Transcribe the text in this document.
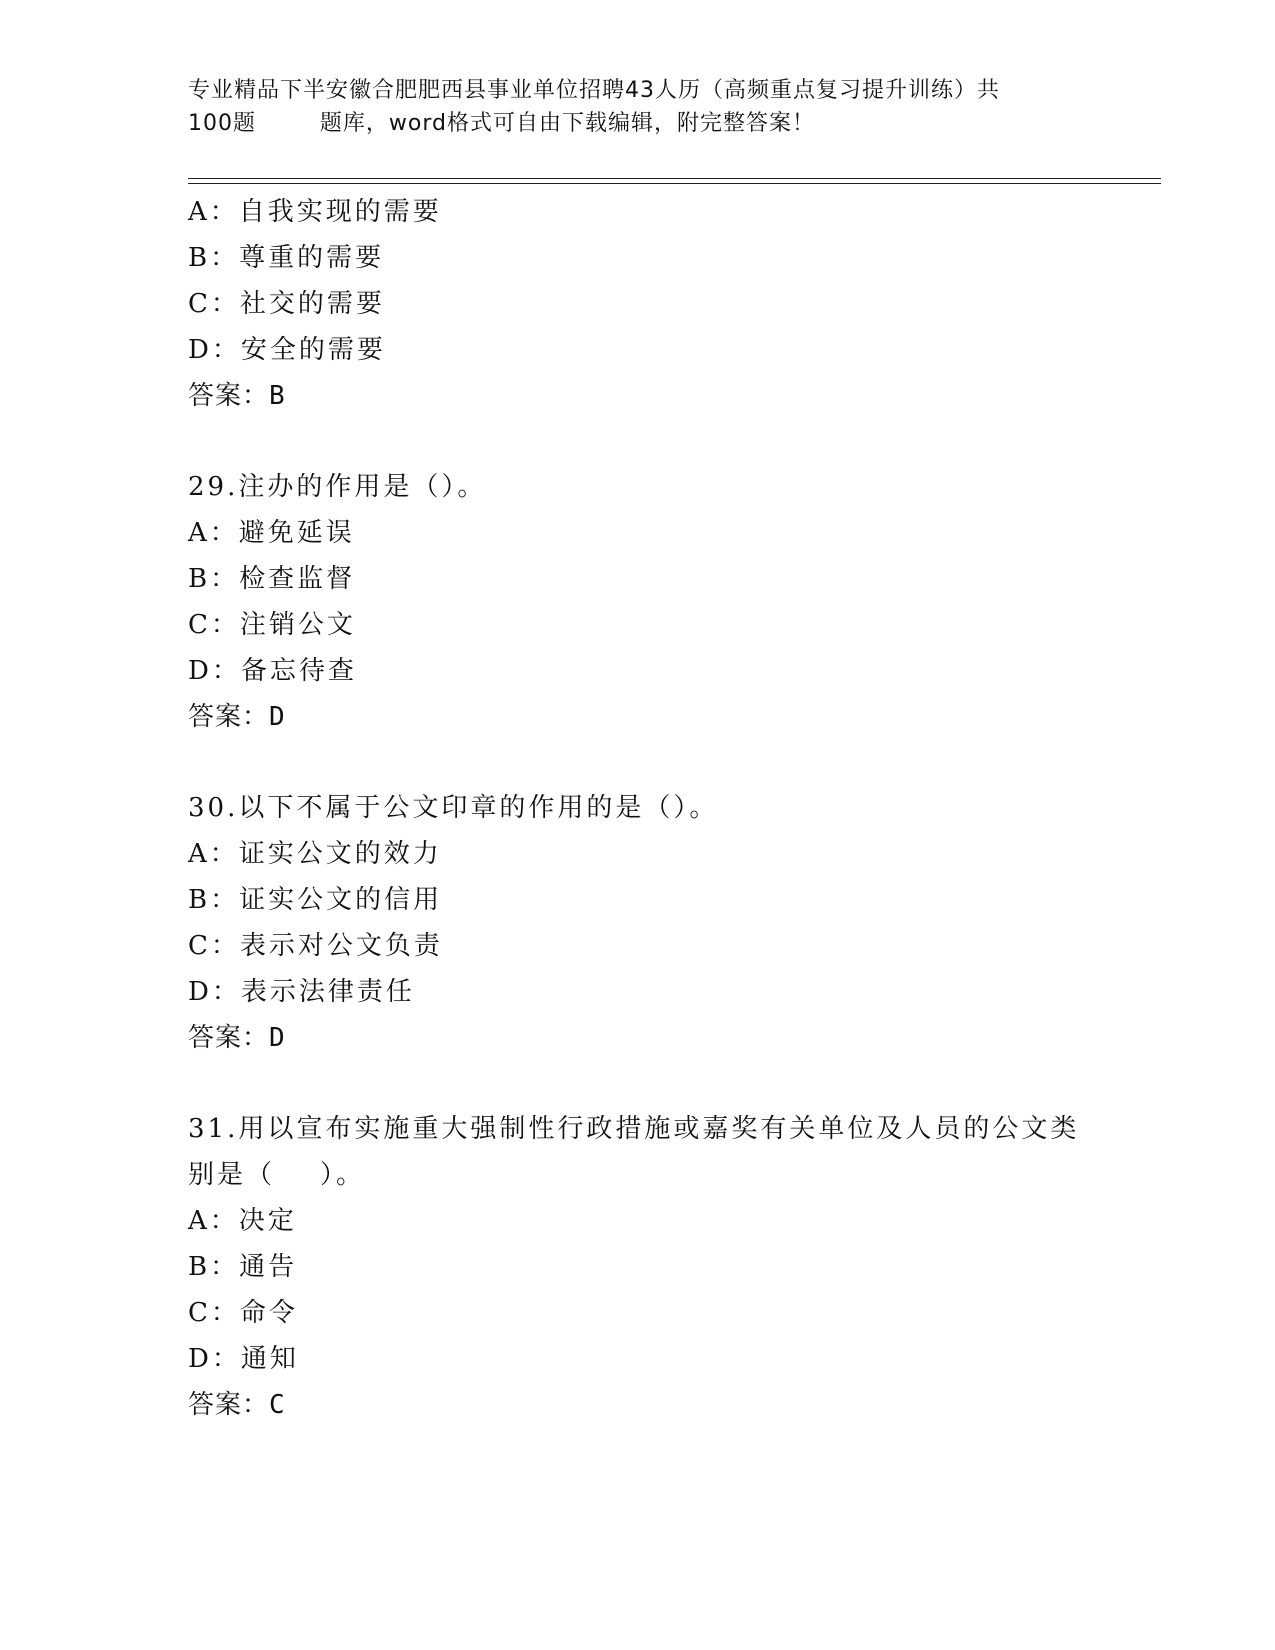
专业精品下半安徽合肥肥西县事业单位招聘43人历（高频重点复习提升训练）共
100题        题库，word格式可自由下载编辑，附完整答案！
A：自我实现的需要
B：尊重的需要
C：社交的需要
D：安全的需要
答案：B
29.注办的作用是（）。
A：避免延误
B：检查监督
C：注销公文
D：备忘待查
答案：D
30.以下不属于公文印章的作用的是（）。
A：证实公文的效力
B：证实公文的信用
C：表示对公文负责
D：表示法律责任
答案：D
31.用以宣布实施重大强制性行政措施或嘉奖有关单位及人员的公文类
别是（    ）。
A：决定
B：通告
C：命令
D：通知
答案：C
